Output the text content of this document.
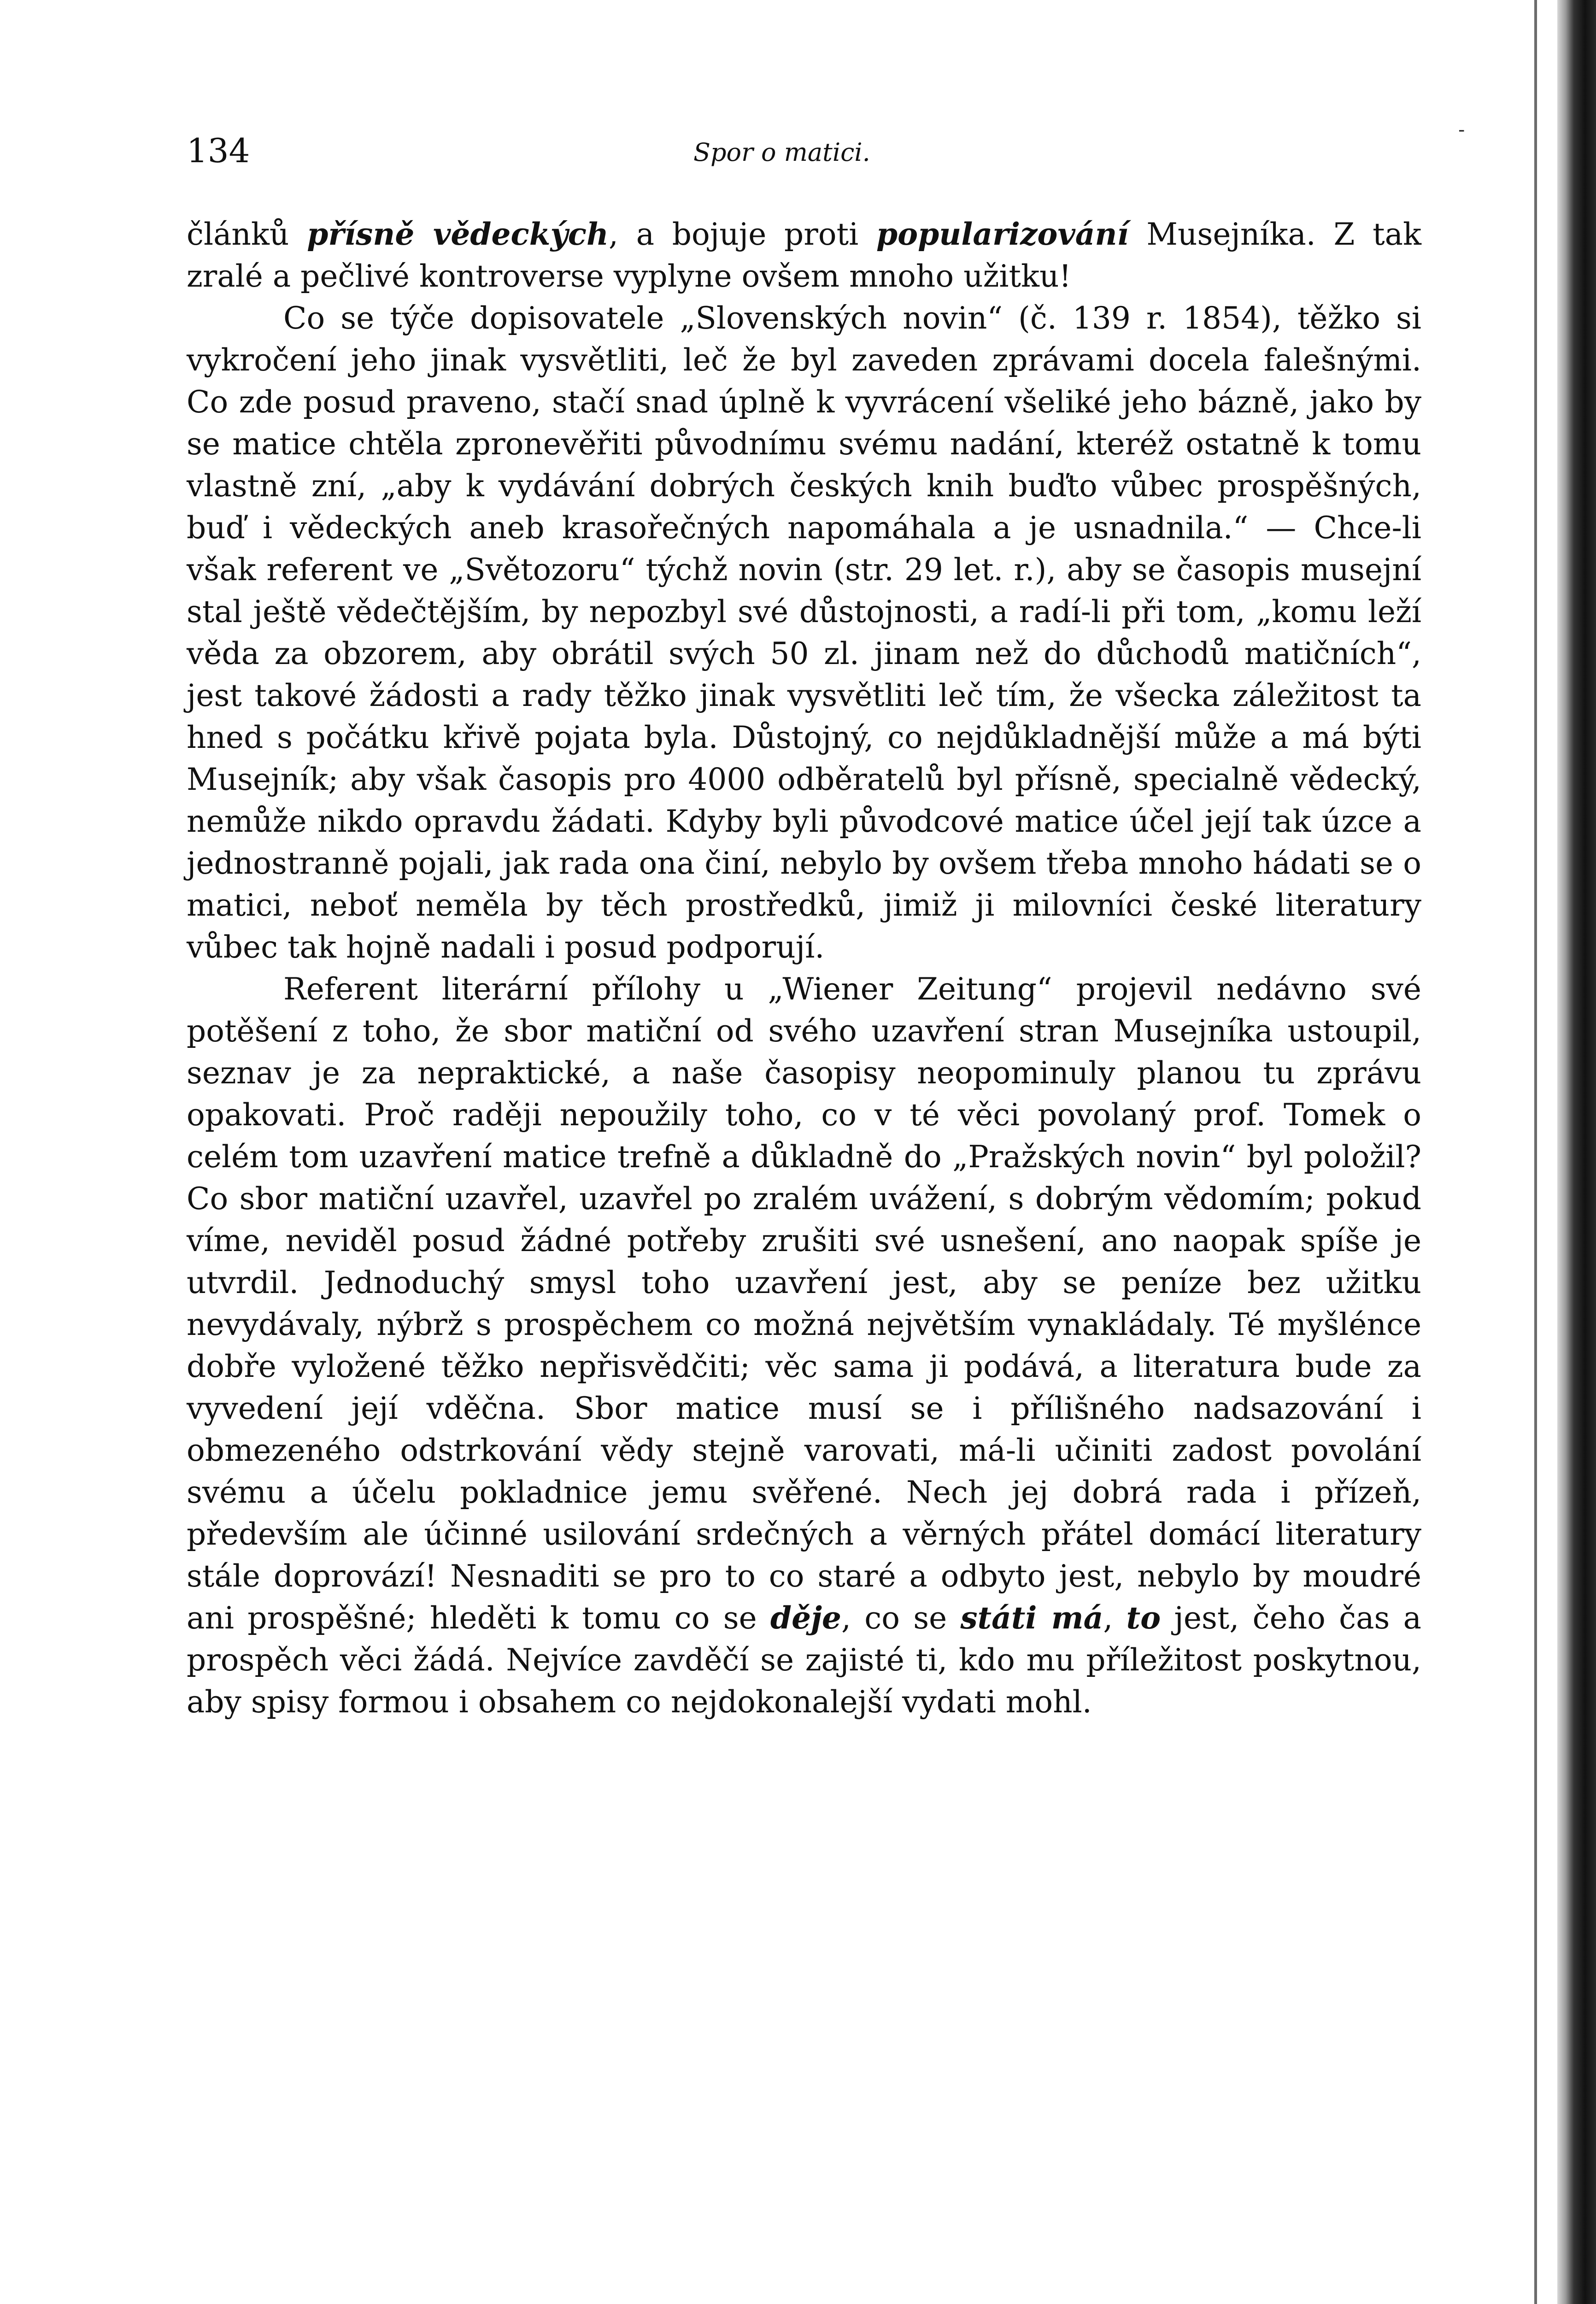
134	Spor o matici.
-

článků přísně vědeckých, a bojuje proti popularizování Musejníka. Z tak zralé a pečlivé kontroverse vyplyne ovšem mnoho užitku!

Co se týče dopisovatele „Slovenských novin“ (č. 139 r. 1854), těžko si vykročení jeho jinak vysvětliti, leč že byl zaveden zprávami docela falešnými. Co zde posud praveno, stačí snad úplně k vyvrácení všeliké jeho bázně, jako by se matice chtěla zpronevěřiti původnímu svému nadání, kteréž ostatně k tomu vlastně zní, „aby k vydávání dobrých českých knih buďto vůbec prospěšných, buď i vědeckých aneb krasořečných napomáhala a je usnadnila.“ — Chce-li však referent ve „Světozoru“ týchž novin (str. 29 let. r.), aby se časopis musejní stal ještě vědečtějším, by nepozbyl své důstojnosti, a radí-li při tom, „komu leží věda za obzorem, aby obrátil svých 50 zl. jinam než do důchodů matičních“, jest takové žádosti a rady těžko jinak vysvětliti leč tím, že všecka záležitost ta hned s počátku křivě pojata byla. Důstojný, co nejdůkladnější může a má býti Musejník; aby však časopis pro 4000 odběratelů byl přísně, specialně vědecký, nemůže nikdo opravdu žádati. Kdyby byli původcové matice účel její tak úzce a jednostranně pojali, jak rada ona činí, nebylo by ovšem třeba mnoho hádati se o matici, neboť neměla by těch prostředků, jimiž ji milovníci české literatury vůbec tak hojně nadali i posud podporují.

Referent literární přílohy u „Wiener Zeitung“ projevil nedávno své potěšení z toho, že sbor matiční od svého uzavření stran Musejníka ustoupil, seznav je za nepraktické, a naše časopisy neopominuly planou tu zprávu opakovati. Proč raději nepoužily toho, co v té věci povolaný prof. Tomek o celém tom uzavření matice trefně a důkladně do „Pražských novin“ byl položil? Co sbor matiční uzavřel, uzavřel po zralém uvážení, s dobrým vědomím; pokud víme, neviděl posud žádné potřeby zrušiti své usnešení, ano naopak spíše je utvrdil. Jednoduchý smysl toho uzavření jest, aby se peníze bez užitku nevydávaly, nýbrž s prospěchem co možná největším vynakládaly. Té myšlénce dobře vyložené těžko nepřisvědčiti; věc sama ji podává, a literatura bude za vyvedení její vděčna. Sbor matice musí se i přílišného nadsazování i obmezeného odstrkování vědy stejně varovati, má-li učiniti zadost povolání svému a účelu pokladnice jemu svěřené. Nech jej dobrá rada i přízeň, především ale účinné usilování srdečných a věrných přátel domácí literatury stále doprovází! Nesnaditi se pro to co staré a odbyto jest, nebylo by moudré ani prospěšné; hleděti k tomu co se děje, co se státi má, to jest, čeho čas a prospěch věci žádá. Nejvíce zavděčí se zajisté ti, kdo mu příležitost poskytnou, aby spisy formou i obsahem co nejdokonalejší vydati mohl.
